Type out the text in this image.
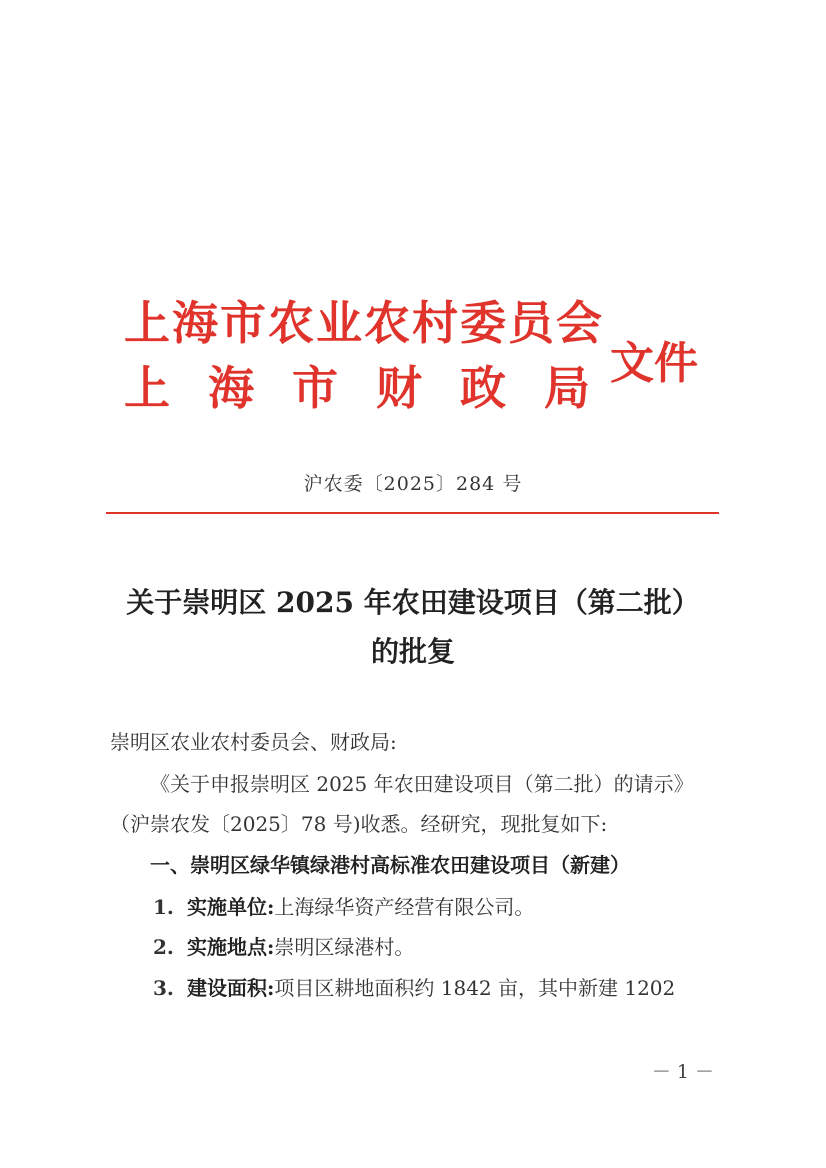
上海市农业农村委员会
上 海 市 财 政 局 文件
沪农委〔2025〕284 号
关于崇明区 2025 年农田建设项目（第二批）
的批复
崇明区农业农村委员会、财政局:
《关于申报崇明区 2025 年农田建设项目（第二批）的请示》
（沪崇农发〔2025〕78 号)收悉。经研究，现批复如下:
一、崇明区绿华镇绿港村高标准农田建设项目（新建）
1. 实施单位:上海绿华资产经营有限公司。
2. 实施地点:崇明区绿港村。
3. 建设面积:项目区耕地面积约 1842 亩，其中新建 1202
－ 1 －
